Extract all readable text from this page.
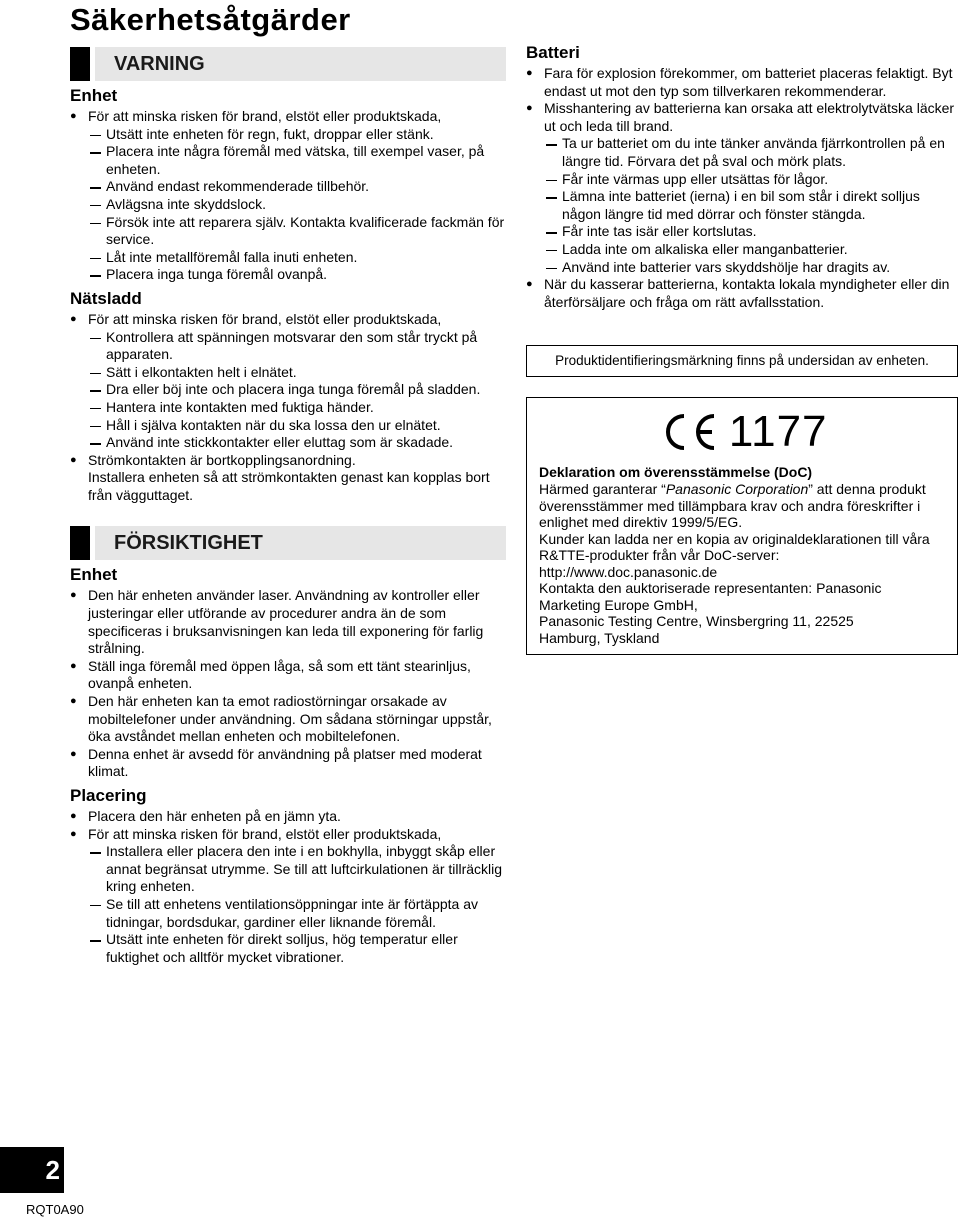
Säkerhetsåtgärder
VARNING
Enhet
● För att minska risken för brand, elstöt eller produktskada,
Utsätt inte enheten för regn, fukt, droppar eller stänk.
Placera inte några föremål med vätska, till exempel vaser, på enheten.
Använd endast rekommenderade tillbehör.
Avlägsna inte skyddslock.
Försök inte att reparera själv. Kontakta kvalificerade fackmän för service.
Låt inte metallföremål falla inuti enheten.
Placera inga tunga föremål ovanpå.
Nätsladd
● För att minska risken för brand, elstöt eller produktskada,
Kontrollera att spänningen motsvarar den som står tryckt på apparaten.
Sätt i elkontakten helt i elnätet.
Dra eller böj inte och placera inga tunga föremål på sladden.
Hantera inte kontakten med fuktiga händer.
Håll i själva kontakten när du ska lossa den ur elnätet.
Använd inte stickkontakter eller eluttag som är skadade.
● Strömkontakten är bortkopplingsanordning.
Installera enheten så att strömkontakten genast kan kopplas bort från vägguttaget.
FÖRSIKTIGHET
Enhet
● Den här enheten använder laser. Användning av kontroller eller justeringar eller utförande av procedurer andra än de som specificeras i bruksanvisningen kan leda till exponering för farlig strålning.
● Ställ inga föremål med öppen låga, så som ett tänt stearinljus, ovanpå enheten.
● Den här enheten kan ta emot radiostörningar orsakade av mobiltelefoner under användning. Om sådana störningar uppstår, öka avståndet mellan enheten och mobiltelefonen.
● Denna enhet är avsedd för användning på platser med moderat klimat.
Placering
● Placera den här enheten på en jämn yta.
● För att minska risken för brand, elstöt eller produktskada,
Installera eller placera den inte i en bokhylla, inbyggt skåp eller annat begränsat utrymme. Se till att luftcirkulationen är tillräcklig kring enheten.
Se till att enhetens ventilationsöppningar inte är förtäppta av tidningar, bordsdukar, gardiner eller liknande föremål.
Utsätt inte enheten för direkt solljus, hög temperatur eller fuktighet och alltför mycket vibrationer.
Batteri
● Fara för explosion förekommer, om batteriet placeras felaktigt. Byt endast ut mot den typ som tillverkaren rekommenderar.
● Misshantering av batterierna kan orsaka att elektrolytvätska läcker ut och leda till brand.
Ta ur batteriet om du inte tänker använda fjärrkontrollen på en längre tid. Förvara det på sval och mörk plats.
Får inte värmas upp eller utsättas för lågor.
Lämna inte batteriet (ierna) i en bil som står i direkt solljus någon längre tid med dörrar och fönster stängda.
Får inte tas isär eller kortslutas.
Ladda inte om alkaliska eller manganbatterier.
Använd inte batterier vars skyddshölje har dragits av.
● När du kasserar batterierna, kontakta lokala myndigheter eller din återförsäljare och fråga om rätt avfallsstation.
Produktidentifieringsmärkning finns på undersidan av enheten.
1177
Deklaration om överensstämmelse (DoC)
Härmed garanterar “Panasonic Corporation” att denna produkt överensstämmer med tillämpbara krav och andra föreskrifter i enlighet med direktiv 1999/5/EG.
Kunder kan ladda ner en kopia av originaldeklarationen till våra R&TTE-produkter från vår DoC-server:
http://www.doc.panasonic.de
Kontakta den auktoriserade representanten: Panasonic Marketing Europe GmbH,
Panasonic Testing Centre, Winsbergring 11, 22525
Hamburg, Tyskland
2
RQT0A90
